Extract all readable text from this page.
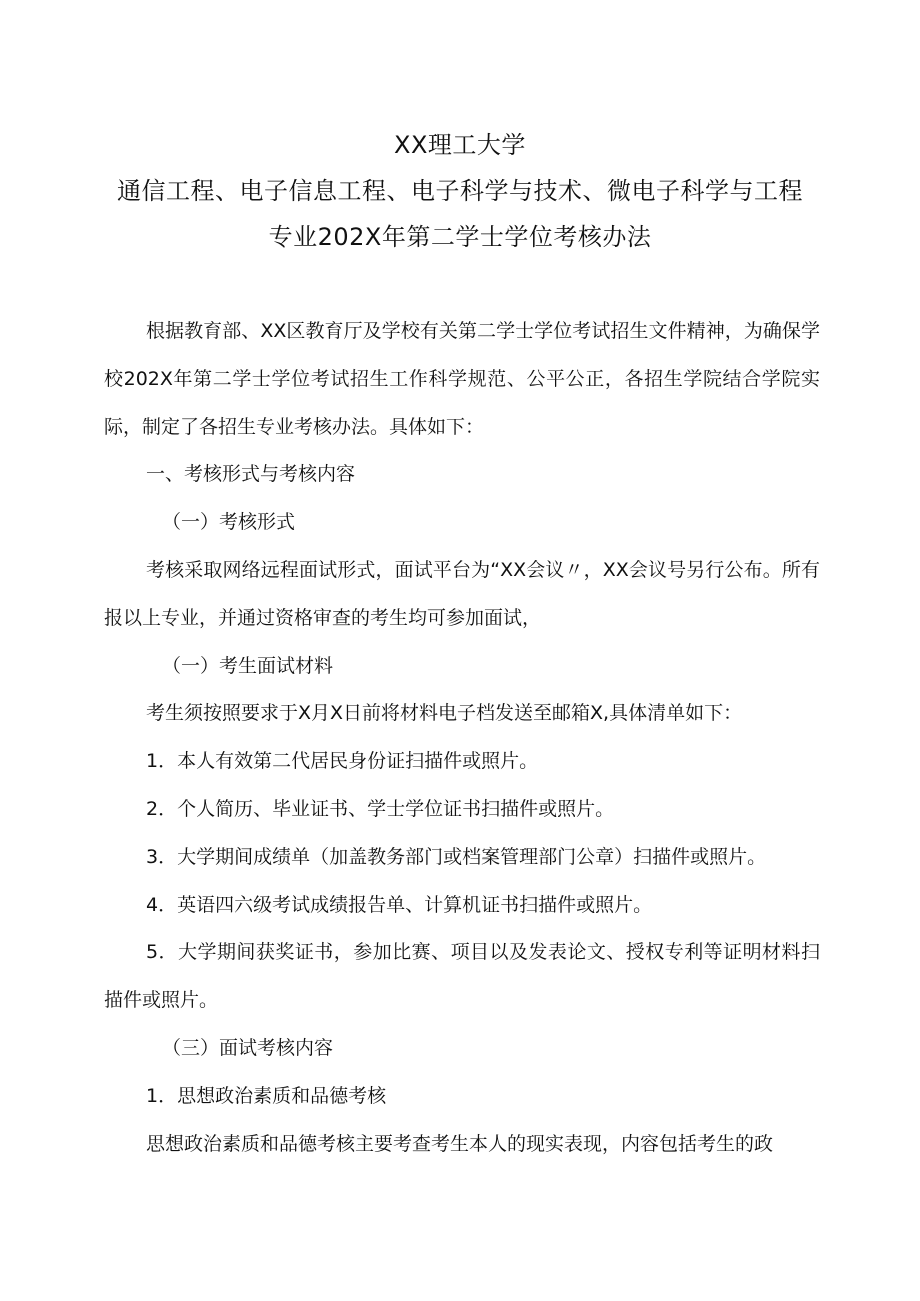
XX理工大学
通信工程、电子信息工程、电子科学与技术、微电子科学与工程
专业202X年第二学士学位考核办法

根据教育部、XX区教育厅及学校有关第二学士学位考试招生文件精神，为确保学校202X年第二学士学位考试招生工作科学规范、公平公正，各招生学院结合学院实际，制定了各招生专业考核办法。具体如下：

一、考核形式与考核内容

（一）考核形式

考核采取网络远程面试形式，面试平台为“XX会议〃，XX会议号另行公布。所有报以上专业，并通过资格审查的考生均可参加面试，

（一）考生面试材料

考生须按照要求于X月X日前将材料电子档发送至邮箱X,具体清单如下：

1．本人有效第二代居民身份证扫描件或照片。

2．个人简历、毕业证书、学士学位证书扫描件或照片。

3．大学期间成绩单（加盖教务部门或档案管理部门公章）扫描件或照片。

4．英语四六级考试成绩报告单、计算机证书扫描件或照片。

5．大学期间获奖证书，参加比赛、项目以及发表论文、授权专利等证明材料扫描件或照片。

（三）面试考核内容

1．思想政治素质和品德考核

思想政治素质和品德考核主要考查考生本人的现实表现，内容包括考生的政
